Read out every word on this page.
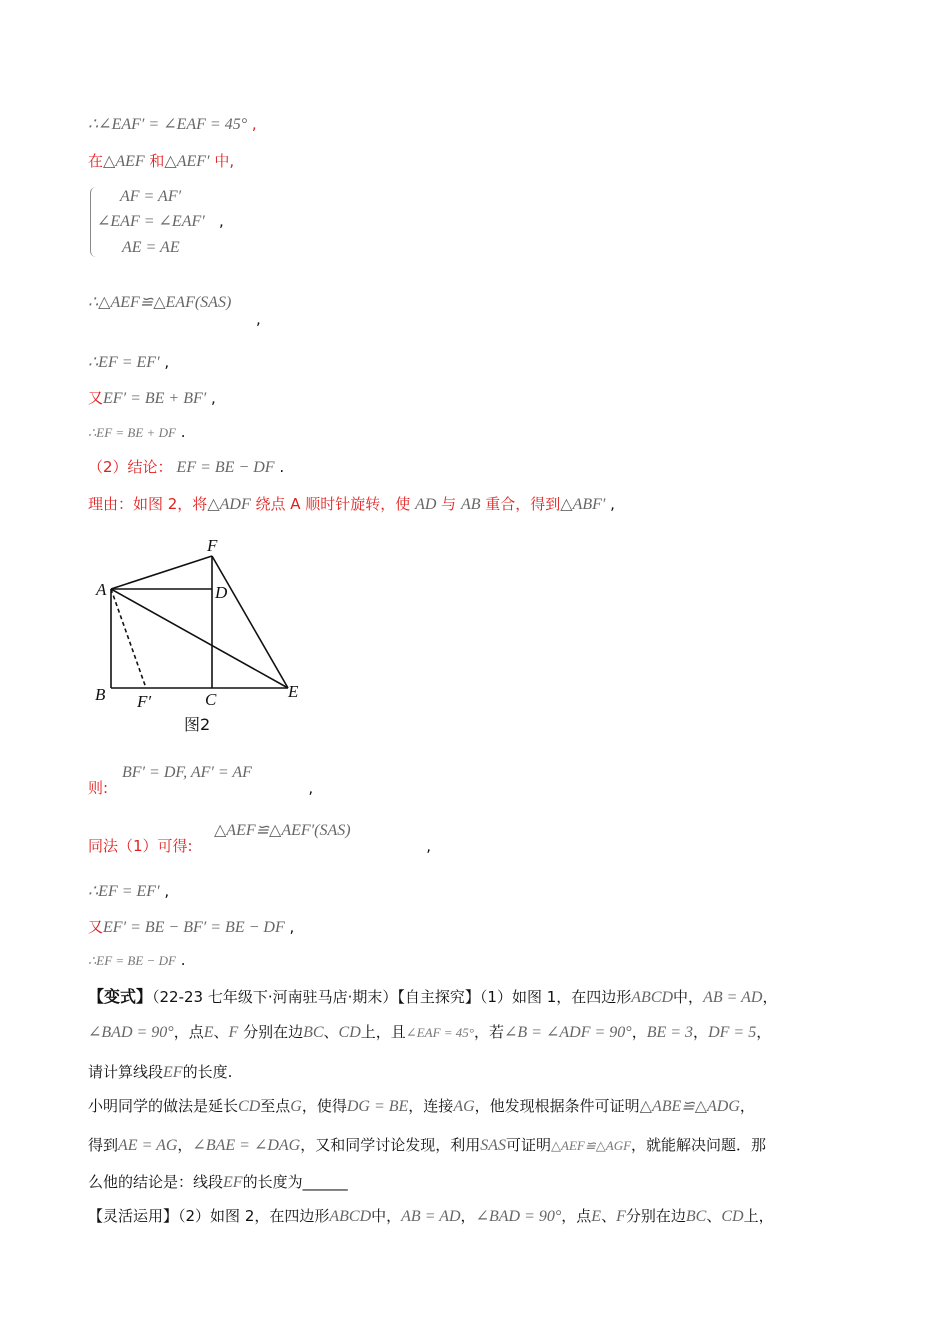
∴∠EAF′ = ∠EAF = 45° ,
在△AEF 和△AEF′ 中,
AF = AF′
∠EAF = ∠EAF′   ,
AE = AE
∴△AEF≌△EAF(SAS)
,
∴EF = EF′ ,
又EF′ = BE + BF′ ,
∴EF = BE + DF .
（2）结论： EF = BE − DF .
理由：如图 2，将△ADF 绕点 A 顺时针旋转，使 AD 与 AB 重合，得到△ABF′ ,
BF′ = DF, AF′ = AF
则:                                          ,
△AEF≌△AEF′(SAS)
同法（1）可得:                                                 ,
∴EF = EF′ ,
又EF′ = BE − BF′ = BE − DF ,
∴EF = BE − DF .
【变式】（22-23 七年级下·河南驻马店·期末）【自主探究】（1）如图 1，在四边形ABCD中，AB = AD，
∠BAD = 90°，点E、F 分别在边BC、CD上，且∠EAF = 45°，若∠B = ∠ADF = 90°，BE = 3，DF = 5，
请计算线段EF的长度.
小明同学的做法是延长CD至点G，使得DG = BE，连接AG，他发现根据条件可证明△ABE≌△ADG，
得到AE = AG，∠BAE = ∠DAG，又和同学讨论发现，利用SAS可证明△AEF≌△AGF，就能解决问题．那
么他的结论是：线段EF的长度为______
【灵活运用】（2）如图 2，在四边形ABCD中，AB = AD，∠BAD = 90°，点E、F分别在边BC、CD上，
F
A	D
B F′	C	E
图2
